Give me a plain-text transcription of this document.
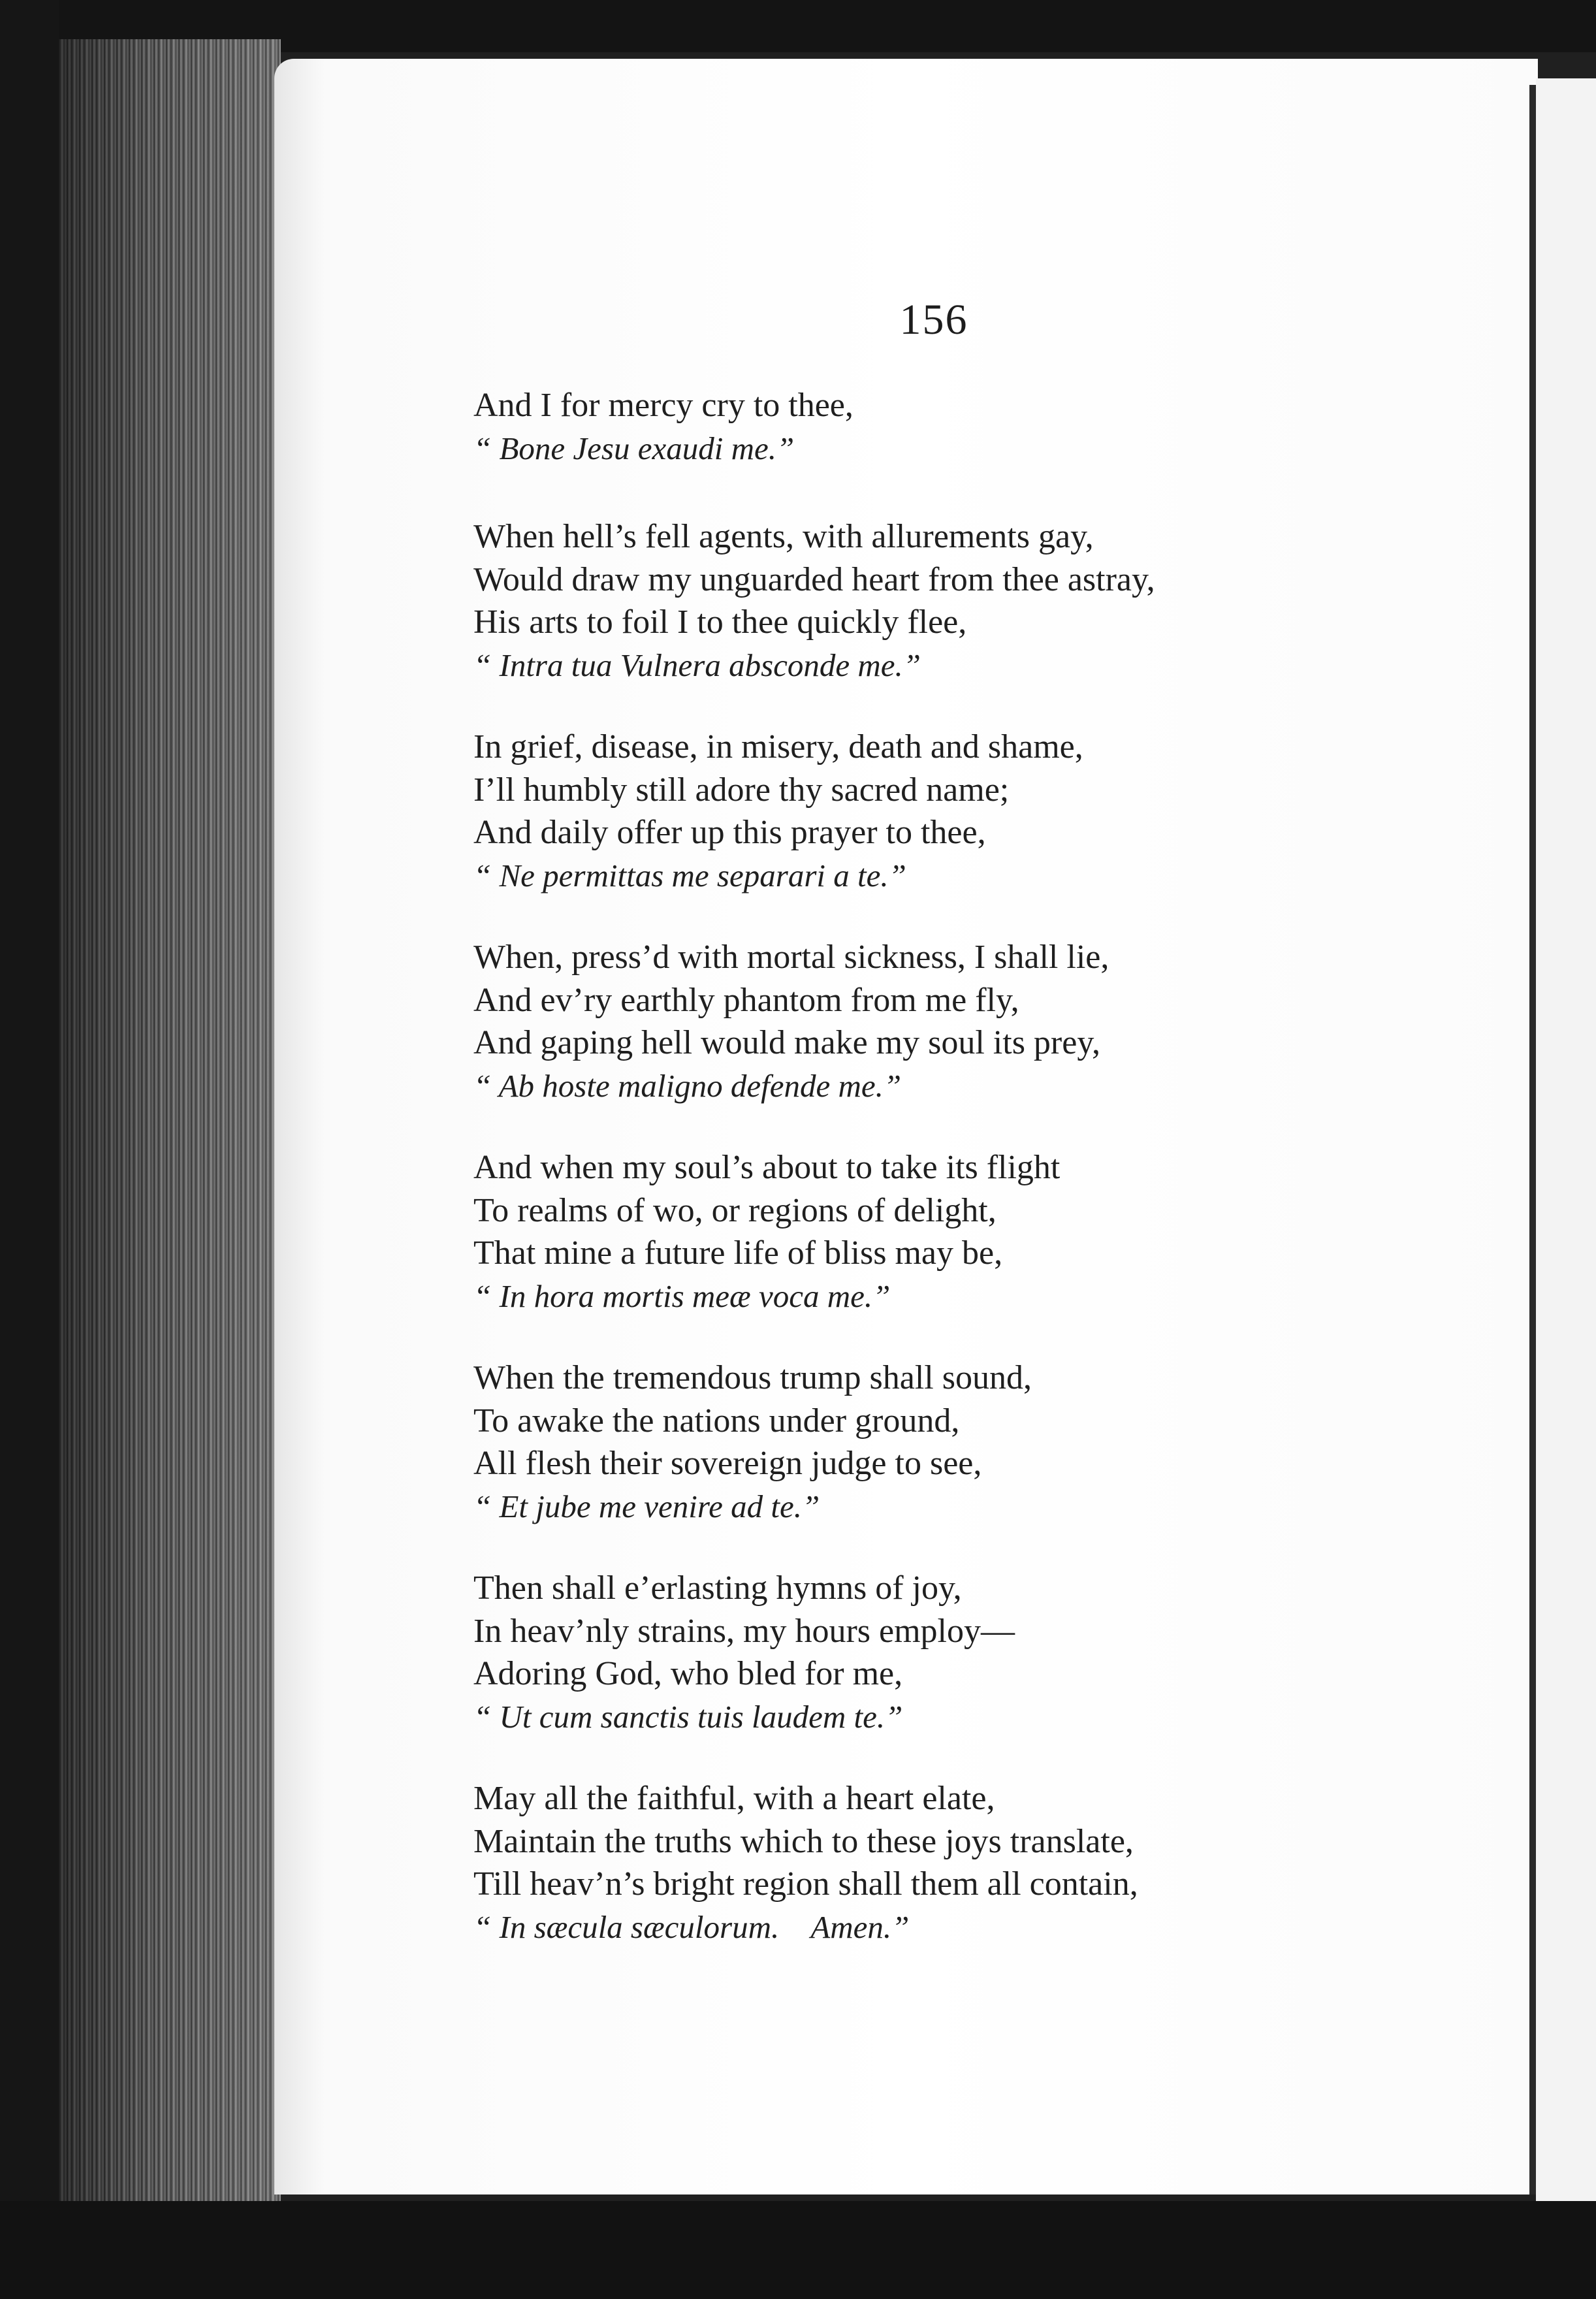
156
And I for mercy cry to thee,
“ Bone Jesu exaudi me.”
When hell’s fell agents, with allurements gay,
Would draw my unguarded heart from thee astray,
His arts to foil I to thee quickly flee,
“ Intra tua Vulnera absconde me.”
In grief, disease, in misery, death and shame,
I’ll humbly still adore thy sacred name;
And daily offer up this prayer to thee,
“ Ne permittas me separari a te.”
When, press’d with mortal sickness, I shall lie,
And ev’ry earthly phantom from me fly,
And gaping hell would make my soul its prey,
“ Ab hoste maligno defende me.”
And when my soul’s about to take its flight
To realms of wo, or regions of delight,
That mine a future life of bliss may be,
“ In hora mortis meæ voca me.”
When the tremendous trump shall sound,
To awake the nations under ground,
All flesh their sovereign judge to see,
“ Et jube me venire ad te.”
Then shall e’erlasting hymns of joy,
In heav’nly strains, my hours employ—
Adoring God, who bled for me,
“ Ut cum sanctis tuis laudem te.”
May all the faithful, with a heart elate,
Maintain the truths which to these joys translate,
Till heav’n’s bright region shall them all contain,
“ In sæcula sæculorum.    Amen.”
